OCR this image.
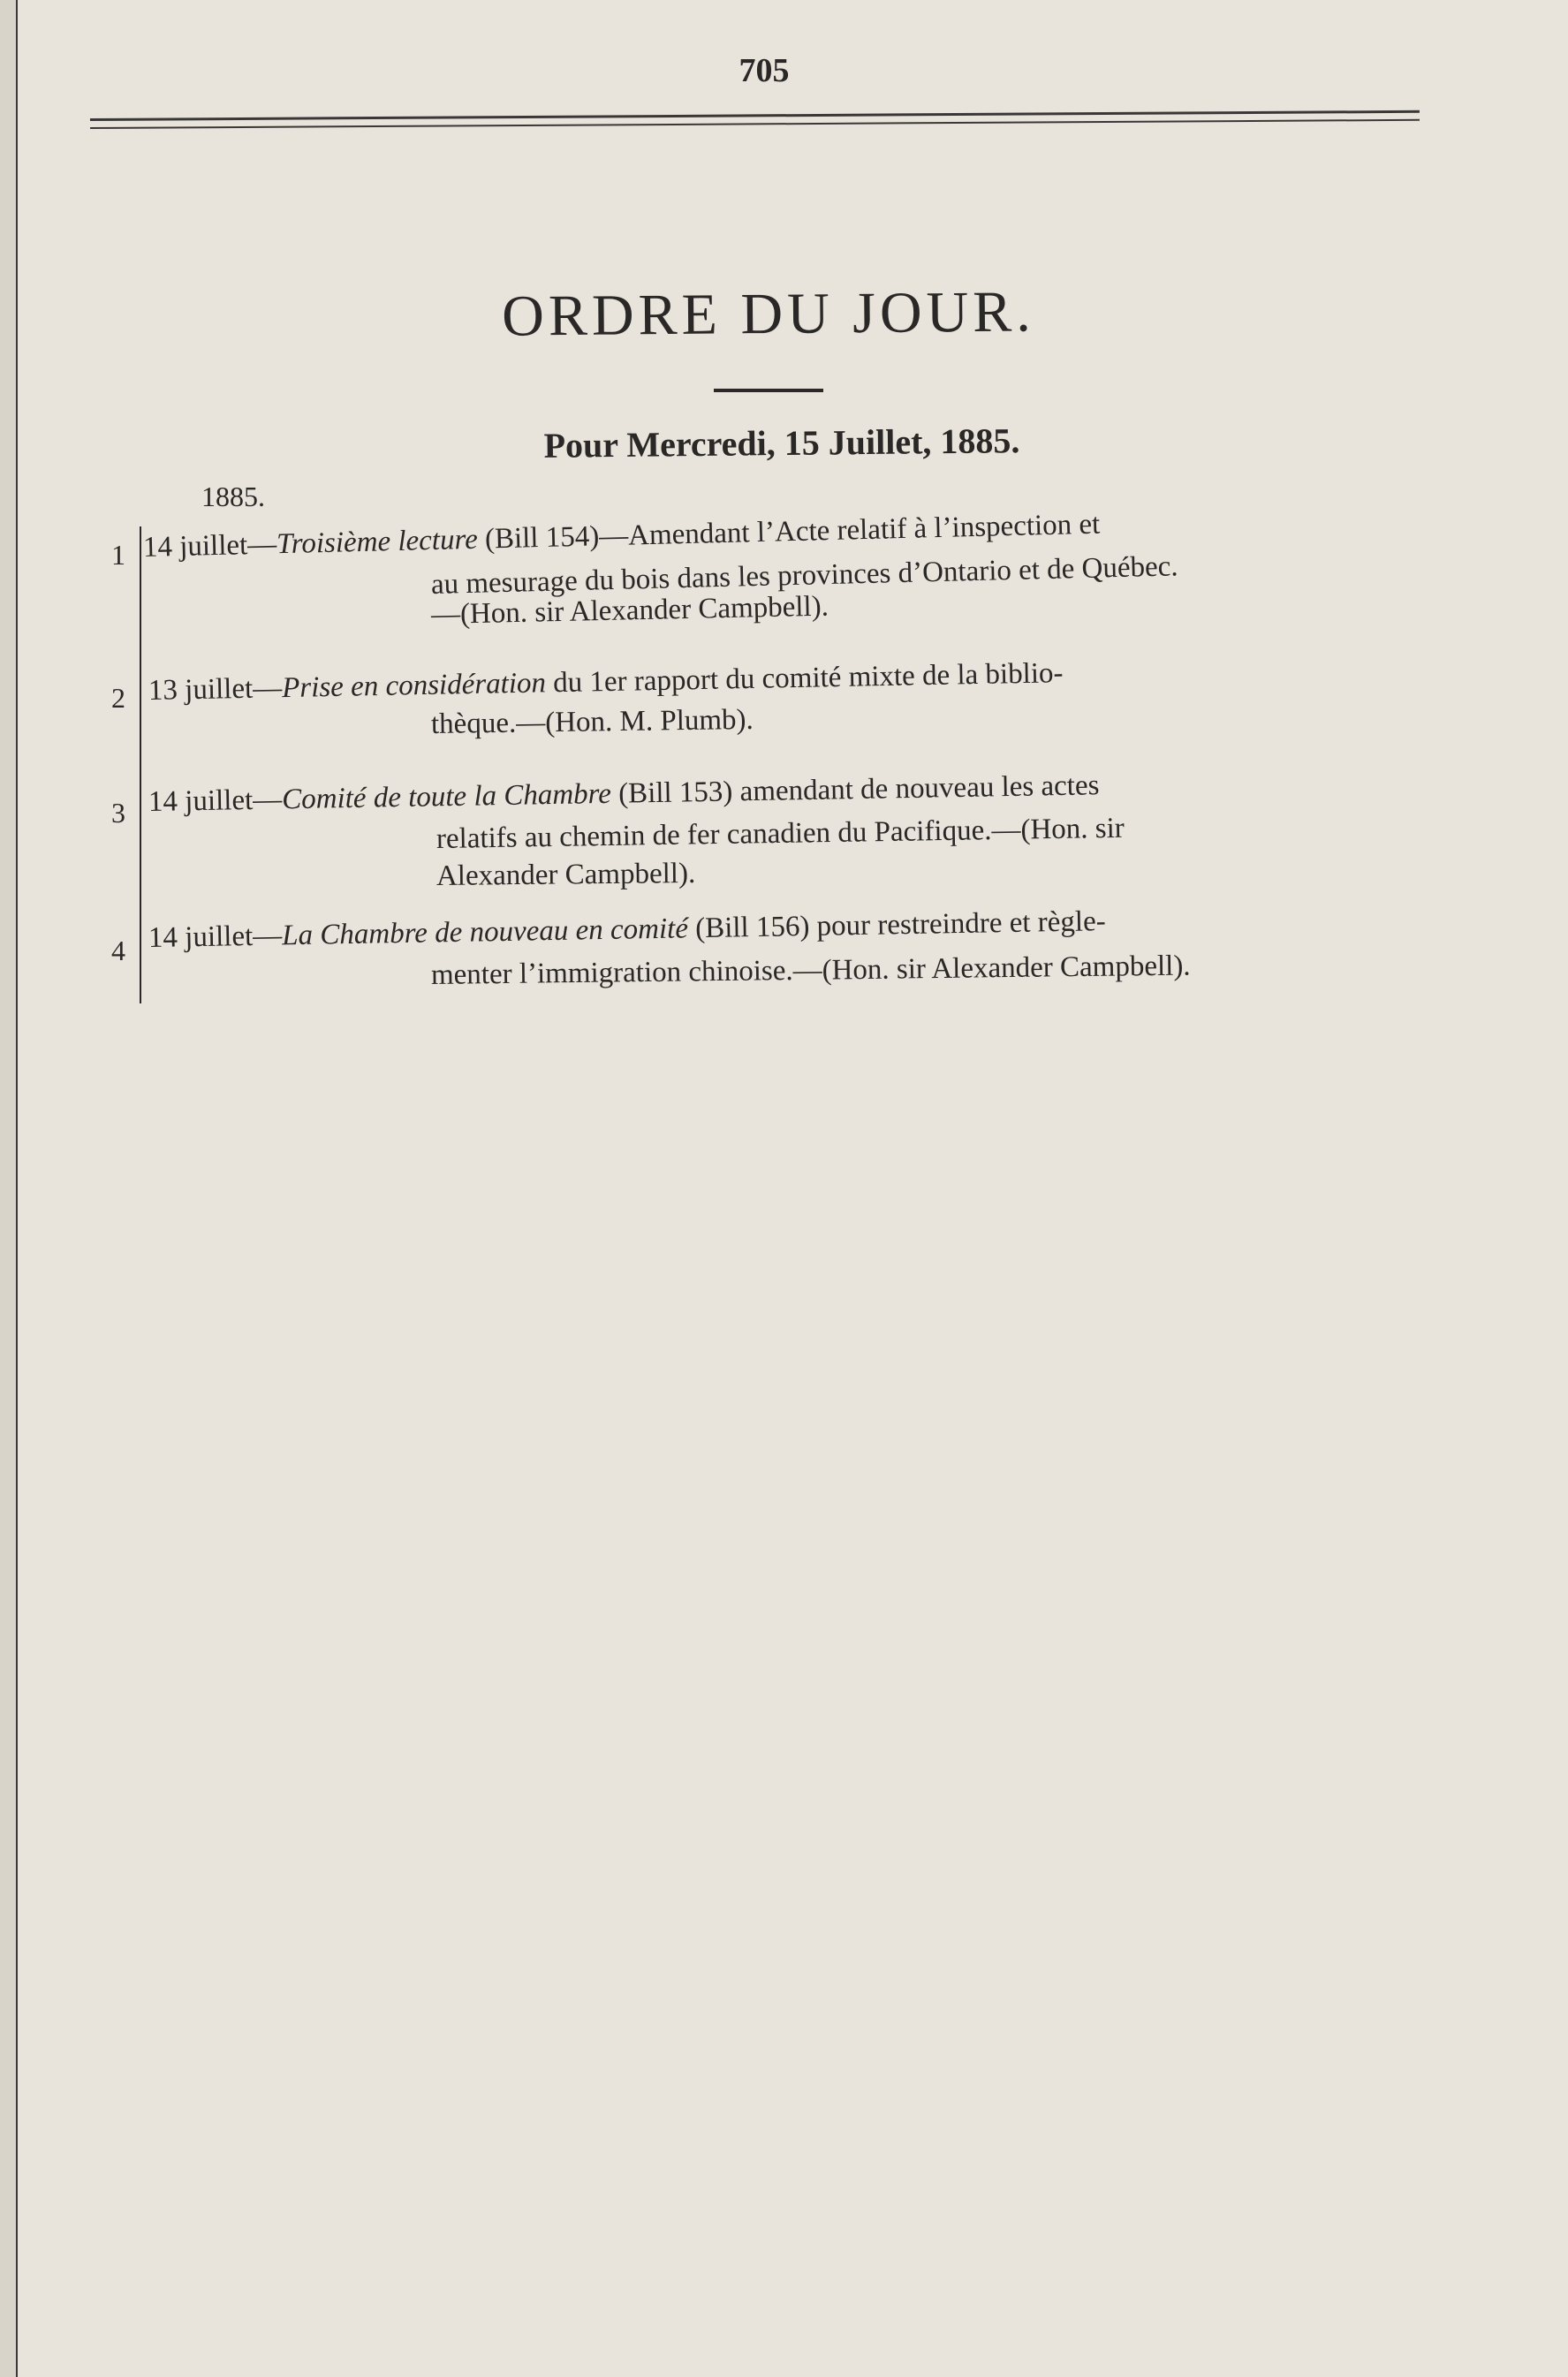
705
ORDRE DU JOUR.
Pour Mercredi, 15 Juillet, 1885.
1885.
1 14 juillet—Troisième lecture (Bill 154)—Amendant l’Acte relatif à l’inspection et
au mesurage du bois dans les provinces d’Ontario et de Québec.
—(Hon. sir Alexander Campbell).
2 13 juillet—Prise en considération du 1er rapport du comité mixte de la biblio-
thèque.—(Hon. M. Plumb).
3 14 juillet—Comité de toute la Chambre (Bill 153) amendant de nouveau les actes
relatifs au chemin de fer canadien du Pacifique.—(Hon. sir
Alexander Campbell).
4 14 juillet—La Chambre de nouveau en comité (Bill 156) pour restreindre et règle-
menter l’immigration chinoise.—(Hon. sir Alexander Campbell).
